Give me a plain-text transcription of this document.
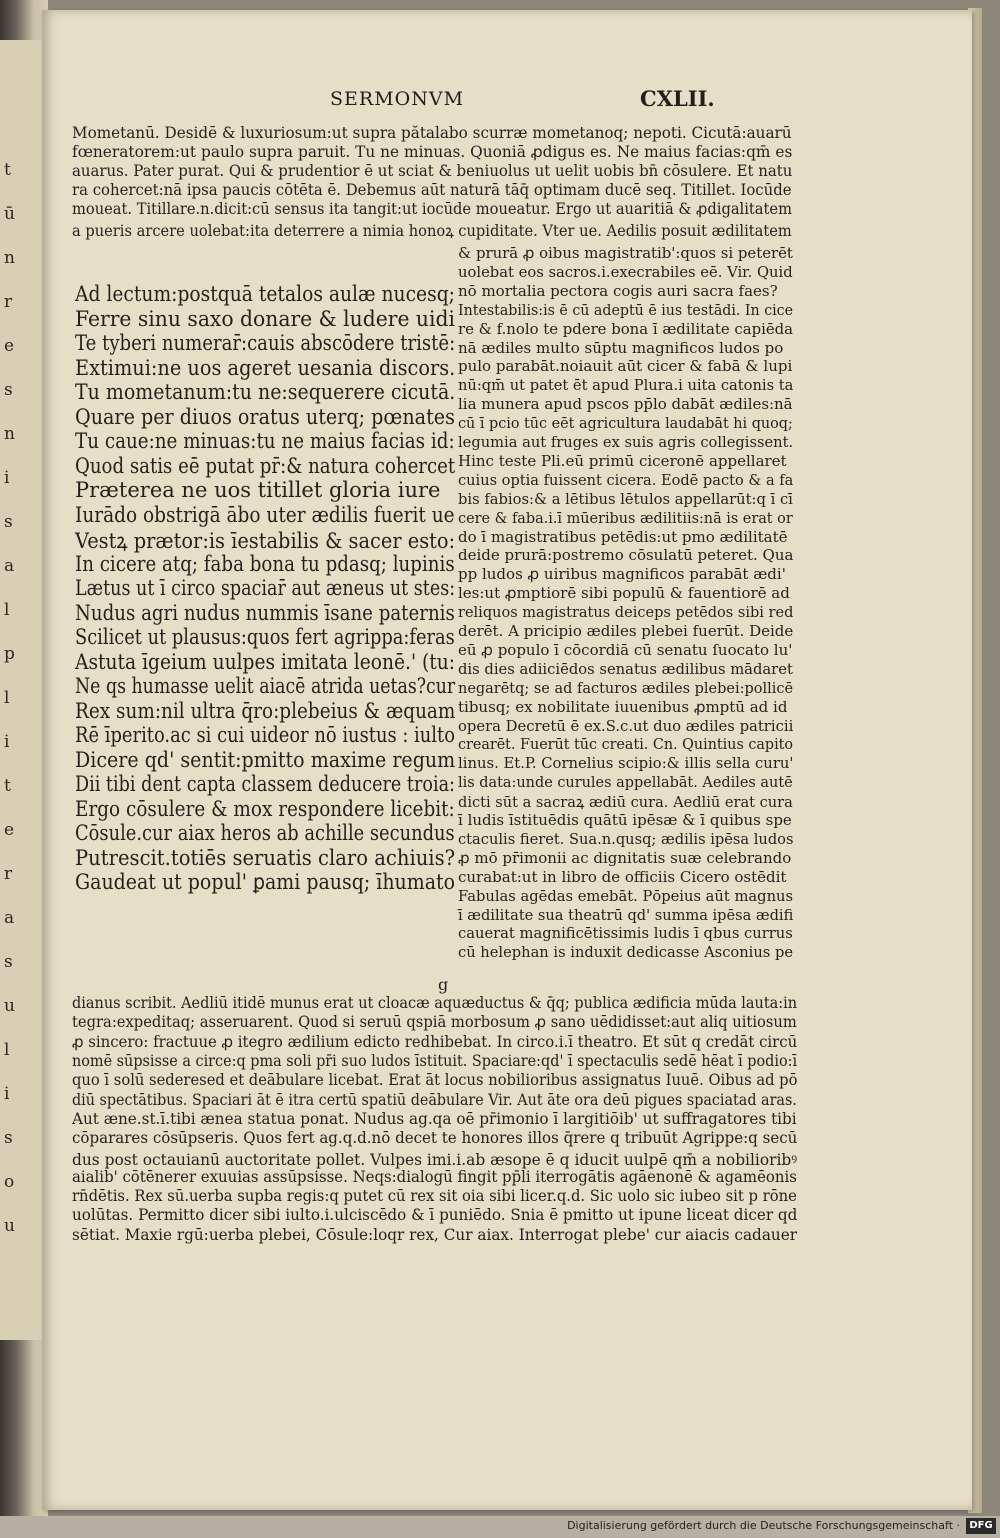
t
ū
n
r
e
s
n
i
s
a
l
p
l
i
t
e
r
a
s
u
l
i
s
o
u
SERMONVM	CXLII.
Mometanū. Desidē & luxuriosum:ut supra pătalabo scurræ mometanoq; nepoti. Cicutā:auarū
fœneratorem:ut paulo supra paruit. Tu ne minuas. Quoniā ꝓdigus es. Ne maius facias:qm̄ es
auarus. Pater purat. Qui & prudentior ē ut sciat & beniuolus ut uelit uobis bn̄ cōsulere. Et natu
ra cohercet:nā ipsa paucis cōtēta ē. Debemus aūt naturā tāq̄ optimam ducē seq. Titillet. Iocūde
moueat. Titillare.n.dicit:cū sensus ita tangit:ut iocūde moueatur. Ergo ut auaritiā & ꝓdigalitatem
a pueris arcere uolebat:ita deterrere a nimia honoꝝ cupiditate. Vter ue. Aedilis posuit ædilitatem
Ad lectum:postquā tetalos aulæ nucesq;
Ferre sinu saxo donare & ludere uidi
Te tyberi numerar̄:cauis abscōdere tristē:
Extimui:ne uos ageret uesania discors.
Tu mometanum:tu ne:sequerere cicutā.
Quare per diuos oratus uterq; pœnates
Tu caue:ne minuas:tu ne maius facias id:
Quod satis eē putat pr̄:& natura cohercet
Præterea ne uos titillet gloria iure
Iurādo obstrigā ābo uter ædilis fuerit ue
Vestꝝ prætor:is īestabilis & sacer esto:
In cicere atq; faba bona tu pdasq; lupinis
Lætus ut ī circo spaciar̄ aut æneus ut stes:
Nudus agri nudus nummis īsane paternis
Scilicet ut plausus:quos fert agrippa:feras
Astuta īgeium uulpes imitata leonē.' (tu:
Ne qs humasse uelit aiacē atrida uetas?cur
Rex sum:nil ultra q̄ro:plebeius & æquam
Rē īperito.ac si cui uideor nō iustus : iulto
Dicere qd' sentit:pmitto maxime regum
Dii tibi dent capta classem deducere troia:
Ergo cōsulere & mox respondere licebit:
Cōsule.cur aiax heros ab achille secundus
Putrescit.totiēs seruatis claro achiuis?
Gaudeat ut popul' ꝑami pausq; īhumato
& prurā ꝓ oibus magistratib':quos si peterēt
uolebat eos sacros.i.execrabiles eē. Vir. Quid
nō mortalia pectora cogis auri sacra faes?
Intestabilis:is ē cū adeptū ē ius testādi. In cice
re & f.nolo te pdere bona ī ædilitate capiēda
nā ædiles multo sūptu magnificos ludos po
pulo parabāt.noiauit aūt cicer & fabā & lupi
nū:qm̄ ut patet ēt apud Plura.i uita catonis ta
lia munera apud pscos pp̄lo dabāt ædiles:nā
cū ī pcio tūc eēt agricultura laudabāt hi quoq;
legumia aut fruges ex suis agris collegissent.
Hinc teste Pli.eū primū ciceronē appellaret
cuius optia fuissent cicera. Eodē pacto & a fa
bis fabios:& a lētibus lētulos appellarūt:q ī cī
cere & faba.i.ī mūeribus ædilitiis:nā is erat or
do ī magistratibus petēdis:ut pmo ædilitatē
deide prurā:postremo cōsulatū peteret. Qua
pp ludos ꝓ uiribus magnificos parabāt ædi'
les:ut ꝓmptiorē sibi populū & fauentiorē ad
reliquos magistratus deiceps petēdos sibi red
derēt. A pricipio ædiles plebei fuerūt. Deide
eū ꝓ populo ī cōcordiā cū senatu ſuocato lu'
dis dies adiiciēdos senatus ædilibus mādaret
negarētq; se ad facturos ædiles plebei:pollicē
tibusq; ex nobilitate iuuenibus ꝓmptū ad id
opera Decretū ē ex.S.c.ut duo ædiles patricii
crearēt. Fuerūt tūc creati. Cn. Quintius capito
linus. Et.P. Cornelius scipio:& illis sella curu'
lis data:unde curules appellabāt. Aediles autē
dicti sūt a sacraꝝ ædiū cura. Aedliū erat cura
ī ludis īstituēdis quātū ipēsæ & ī quibus spe
ctaculis fieret. Sua.n.qusq; ædilis ipēsa ludos
ꝓ mō pr̄imonii ac dignitatis suæ celebrando
curabat:ut in libro de officiis Cicero ostēdit
Fabulas agēdas emebāt. Pōpeius aūt magnus
ī ædilitate sua theatrū qd' summa ipēsa ædifi
cauerat magnificētissimis ludis ī qbus currus
cū helephan is induxit dedicasse Asconius pe
dianus scribit. Aedliū itidē munus erat ut cloacæ aquæductus & q̄q; publica ædificia mūda lauta:in
tegra:expeditaq; asseruarent. Quod si seruū qspiā morbosum ꝓ sano uēdidisset:aut aliq uitiosum
ꝓ sincero: fractuue ꝓ itegro ædilium edicto redhibebat. In circo.i.ī theatro. Et sūt q credāt circū
nomē sūpsisse a circe:q pma soli pr̄i suo ludos īstituit. Spaciare:qd' ī spectaculis sedē hēat ī podio:ī
quo ī solū sederesed et deābulare licebat. Erat āt locus nobilioribus assignatus Iuuē. Oibus ad pō
diū spectātibus. Spaciari āt ē itra certū spatiū deābulare Vir. Aut āte ora deū pigues spaciatad aras.
Aut æne.st.ī.tibi ænea statua ponat. Nudus ag.qa oē pr̄imonio ī largitiōib' ut suffragatores tibi
cōparares cōsūpseris. Quos fert ag.q.d.nō decet te honores illos q̄rere q tribuūt Agrippe:q secū
dus post octauianū auctoritate pollet. Vulpes imi.i.ab æsope ē q iducit uulpē qm̄ a nobilioribꝰ
aialib' cōtēnerer exuuias assūpsisse. Neqs:dialogū fingit pp̄li iterrogātis agāenonē & agamēonis
rn̄dētis. Rex sū.uerba supba regis:q putet cū rex sit oia sibi licer.q.d. Sic uolo sic iubeo sit p rōne
uolūtas. Permitto dicer sibi iulto.i.ulciscēdo & ī puniēdo. Snia ē pmitto ut ipune liceat dicer qd
sētiat. Maxie rgū:uerba plebei, Cōsule:loqr rex, Cur aiax. Interrogat plebe' cur aiacis cadauer
g
Digitalisierung gefördert durch die Deutsche Forschungsgemeinschaft · DFG
